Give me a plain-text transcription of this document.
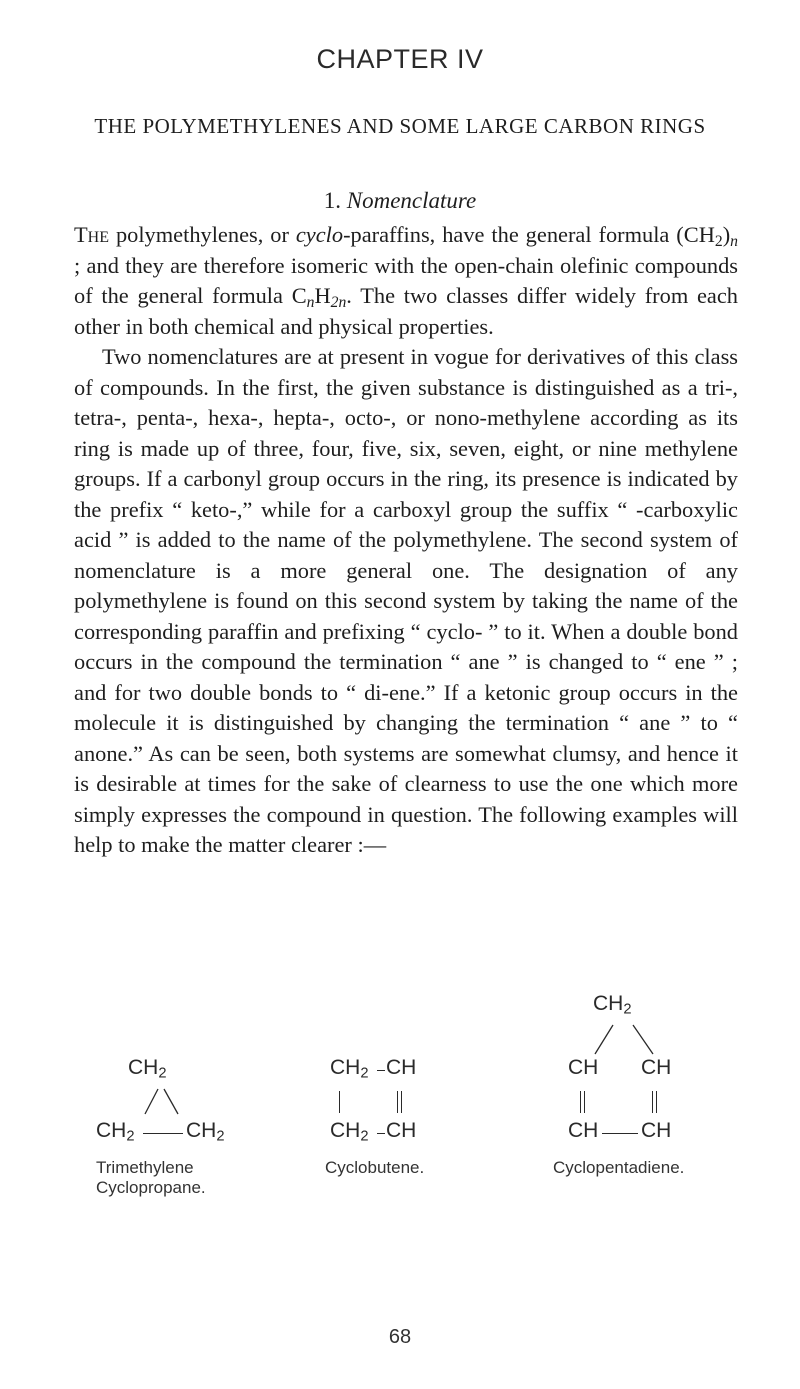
CHAPTER IV
THE POLYMETHYLENES AND SOME LARGE CARBON RINGS
1. Nomenclature

The polymethylenes, or cyclo-paraffins, have the general formula $(CH_2)_n$ ; and they are therefore isomeric with the open-chain olefinic compounds of the general formula $C_nH_{2n}$. The two classes differ widely from each other in both chemical and physical properties.

Two nomenclatures are at present in vogue for derivatives of this class of compounds. In the first, the given substance is distinguished as a tri-, tetra-, penta-, hexa-, hepta-, octo-, or nono-methylene according as its ring is made up of three, four, five, six, seven, eight, or nine methylene groups. If a carbonyl group occurs in the ring, its presence is indicated by the prefix “ keto-,” while for a carboxyl group the suffix “ -carboxylic acid ” is added to the name of the polymethylene. The second system of nomenclature is a more general one. The designation of any polymethylene is found on this second system by taking the name of the corresponding paraffin and prefixing “ cyclo- ” to it. When a double bond occurs in the compound the termination “ ane ” is changed to “ ene ” ; and for two double bonds to “ di-ene.” If a ketonic group occurs in the molecule it is distinguished by changing the termination “ ane ” to “ anone.” As can be seen, both systems are somewhat clumsy, and hence it is desirable at times for the sake of clearness to use the one which more simply expresses the compound in question. The following examples will help to make the matter clearer :—

$CH_2$
$CH_2$ $CH_2$
Trimethylene
Cyclopropane.
$CH_2$ CH
$CH_2$ CH
Cyclobutene.
$CH_2$
CH CH
CH CH
Cyclopentadiene.
68
